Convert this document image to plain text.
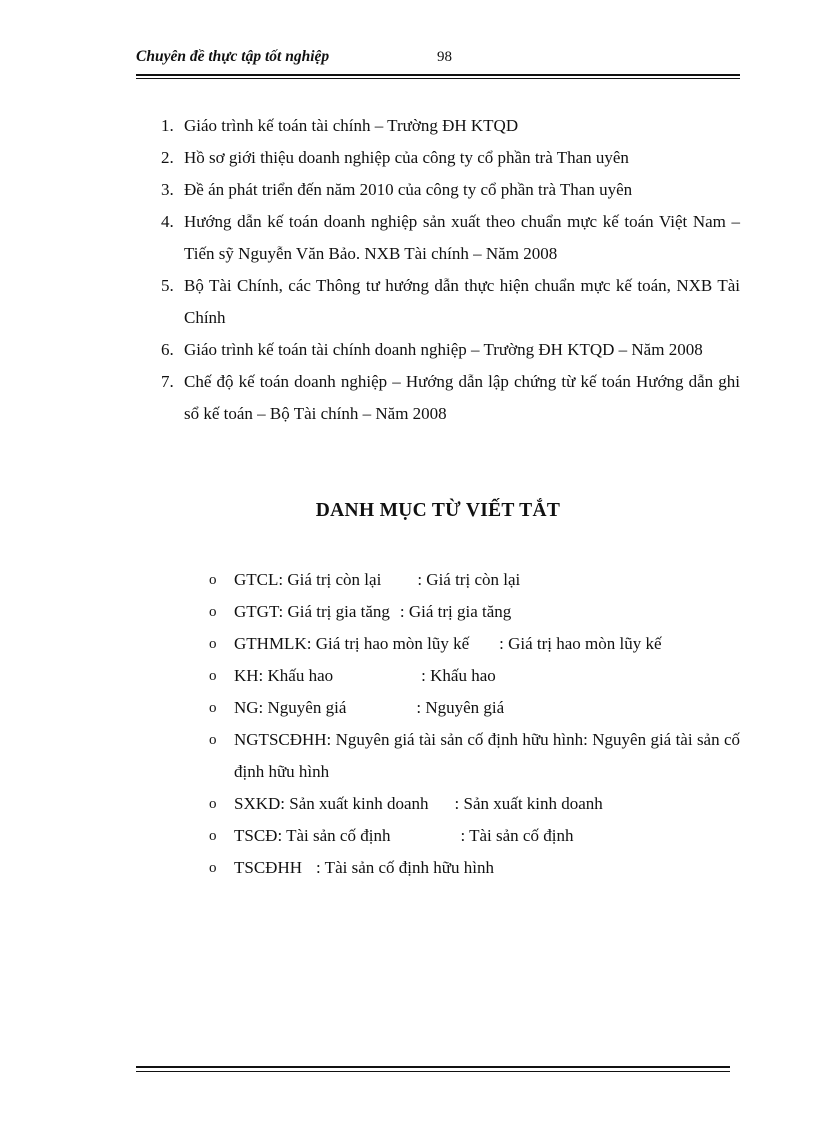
Chuyên đề thực tập tốt nghiệp	98
1. Giáo trình kế toán tài chính – Trường ĐH KTQD
2. Hồ sơ giới thiệu doanh nghiệp của công ty cổ phần trà Than uyên
3. Đề án phát triển đến năm 2010 của công ty cổ phần trà Than uyên
4. Hướng dẫn kế toán doanh nghiệp sản xuất theo chuẩn mực kế toán Việt Nam – Tiến sỹ Nguyễn Văn Bảo. NXB Tài chính – Năm 2008
5. Bộ Tài Chính, các Thông tư hướng dẫn thực hiện chuẩn mực kế toán, NXB Tài Chính
6. Giáo trình kế toán tài chính doanh nghiệp – Trường ĐH KTQD – Năm 2008
7. Chế độ kế toán doanh nghiệp – Hướng dẫn lập chứng từ kế toán Hướng dẫn ghi sổ kế toán – Bộ Tài chính – Năm 2008
DANH MỤC TỪ VIẾT TẮT
o GTCL: Giá trị còn lại : Giá trị còn lại
o GTGT: Giá trị gia tăng : Giá trị gia tăng
o GTHMLK: Giá trị hao mòn lũy kế : Giá trị hao mòn lũy kế
o KH: Khấu hao	: Khấu hao
o NG: Nguyên giá	: Nguyên giá
o NGTSCĐHH: Nguyên giá tài sản cố định hữu hình: Nguyên giá tài sản cố định hữu hình
o SXKD: Sản xuất kinh doanh : Sản xuất kinh doanh
o TSCĐ: Tài sản cố định	: Tài sản cố định
o TSCĐHH : Tài sản cố định hữu hình
